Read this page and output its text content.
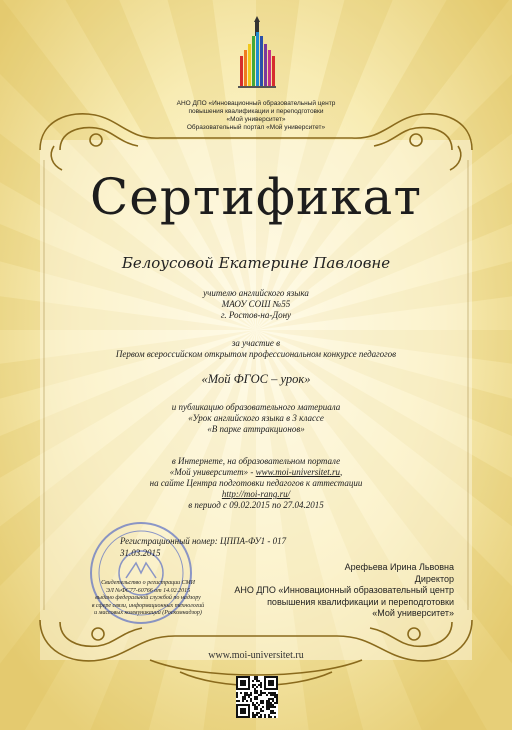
АНО ДПО «Инновационный образовательный центр
повышения квалификации и переподготовки
«Мой университет»
Образовательный портал «Мой университет»
Сертификат
Белоусовой Екатерине Павловне
учителю английского языка
МАОУ СОШ №55
г. Ростов-на-Дону
за участие в
Первом всероссийском открытом профессиональном конкурсе педагогов
«Мой ФГОС – урок»
и публикацию образовательного материала
«Урок английского языка в 3 классе
«В парке аттракционов»
в Интернете, на образовательном портале
«Мой университет» - www.moi-universitet.ru,
на сайте Центра подготовки педагогов к аттестации
http://moi-rang.ru/
в период с 09.02.2015 по 27.04.2015
Регистрационный номер: ЦППА-ФУ1 - 017
31.03.2015
Свидетельство о регистрации СМИ
ЭЛ №ФС77-60766 от 14.02.2015
выдано федеральной службой по надзору
в сфере связи, информационных технологий
и массовых коммуникаций (Роскомнадзор)
Арефьева Ирина Львовна
Директор
АНО ДПО «Инновационный образовательный центр
повышения квалификации и переподготовки
«Мой университет»
www.moi-universitet.ru
